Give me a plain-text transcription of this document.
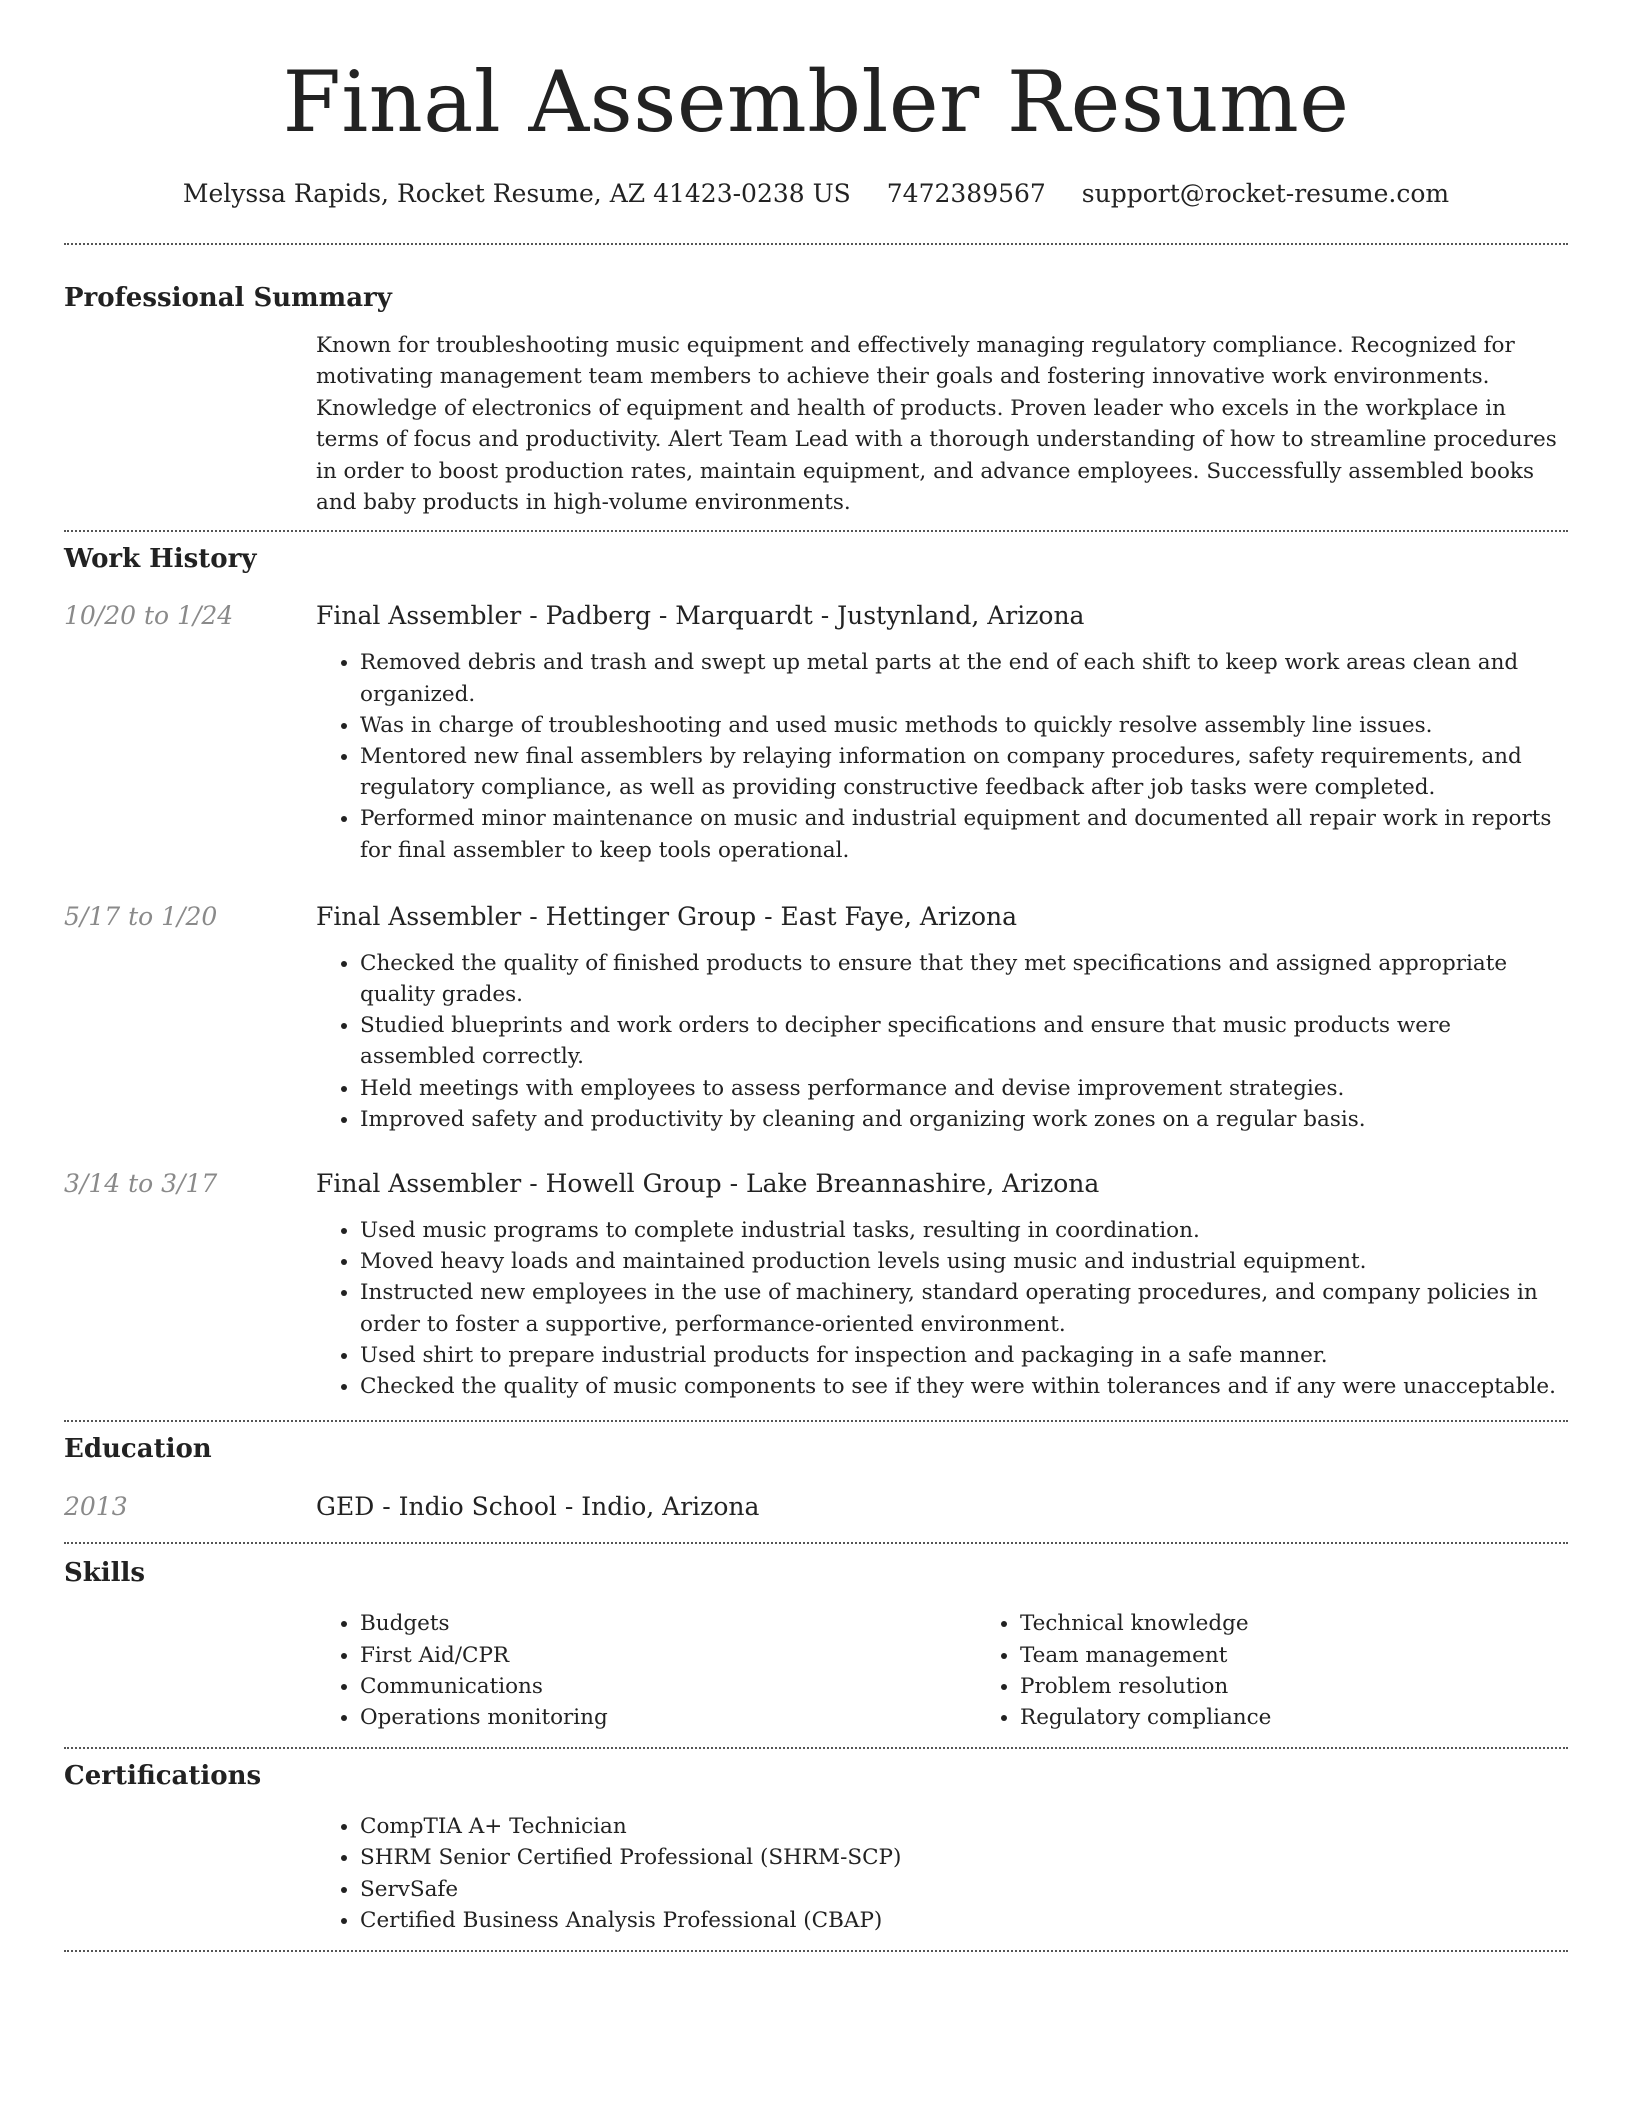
Final Assembler Resume
Melyssa Rapids, Rocket Resume, AZ 41423-0238 US 7472389567 support@rocket-resume.com
Professional Summary

Known for troubleshooting music equipment and effectively managing regulatory compliance. Recognized for motivating management team members to achieve their goals and fostering innovative work environments. Knowledge of electronics of equipment and health of products. Proven leader who excels in the workplace in terms of focus and productivity. Alert Team Lead with a thorough understanding of how to streamline procedures in order to boost production rates, maintain equipment, and advance employees. Successfully assembled books and baby products in high-volume environments.

Work History
10/20 to 1/24	Final Assembler - Padberg - Marquardt - Justynland, Arizona
• Removed debris and trash and swept up metal parts at the end of each shift to keep work areas clean and organized.
• Was in charge of troubleshooting and used music methods to quickly resolve assembly line issues.
• Mentored new final assemblers by relaying information on company procedures, safety requirements, and regulatory compliance, as well as providing constructive feedback after job tasks were completed.
• Performed minor maintenance on music and industrial equipment and documented all repair work in reports for final assembler to keep tools operational.
5/17 to 1/20	Final Assembler - Hettinger Group - East Faye, Arizona
• Checked the quality of finished products to ensure that they met specifications and assigned appropriate quality grades.
• Studied blueprints and work orders to decipher specifications and ensure that music products were assembled correctly.
• Held meetings with employees to assess performance and devise improvement strategies.
• Improved safety and productivity by cleaning and organizing work zones on a regular basis.
3/14 to 3/17	Final Assembler - Howell Group - Lake Breannashire, Arizona
• Used music programs to complete industrial tasks, resulting in coordination.
• Moved heavy loads and maintained production levels using music and industrial equipment.
• Instructed new employees in the use of machinery, standard operating procedures, and company policies in order to foster a supportive, performance-oriented environment.
• Used shirt to prepare industrial products for inspection and packaging in a safe manner.
• Checked the quality of music components to see if they were within tolerances and if any were unacceptable.
Education
2013	GED - Indio School - Indio, Arizona
Skills
• Budgets
• First Aid/CPR
• Communications
• Operations monitoring
• Technical knowledge
• Team management
• Problem resolution
• Regulatory compliance
Certifications
• CompTIA A+ Technician
• SHRM Senior Certified Professional (SHRM-SCP)
• ServSafe
• Certified Business Analysis Professional (CBAP)
